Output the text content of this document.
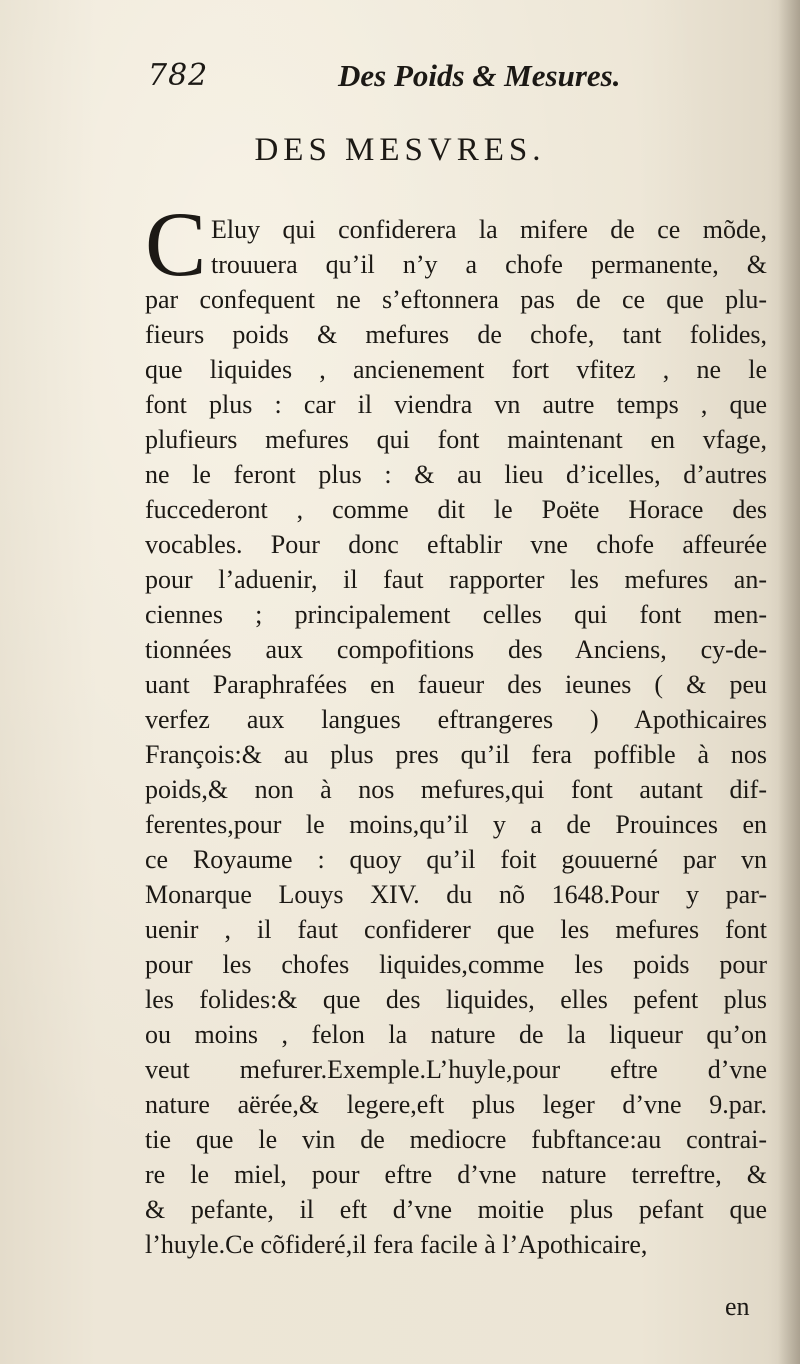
782	Des Poids & Mesures.
DES MESVRES.
C Eluy qui confiderera la mifere de ce mõde,
trouuera qu’il n’y a chofe permanente, &
par confequent ne s’eftonnera pas de ce que plu-
fieurs poids & mefures de chofe, tant folides,
que liquides , ancienement fort vfitez , ne le
font plus : car il viendra vn autre temps , que
plufieurs mefures qui font maintenant en vfage,
ne le feront plus : & au lieu d’icelles, d’autres
fuccederont , comme dit le Poëte Horace des
vocables. Pour donc eftablir vne chofe affeurée
pour l’aduenir, il faut rapporter les mefures an-
ciennes ; principalement celles qui font men-
tionnées aux compofitions des Anciens, cy-de-
uant Paraphrafées en faueur des ieunes ( & peu
verfez aux langues eftrangeres ) Apothicaires
François:& au plus pres qu’il fera poffible à nos
poids,& non à nos mefures,qui font autant dif-
ferentes,pour le moins,qu’il y a de Prouinces en
ce Royaume : quoy qu’il foit gouuerné par vn
Monarque Louys XIV. du nõ 1648.Pour y par-
uenir , il faut confiderer que les mefures font
pour les chofes liquides,comme les poids pour
les folides:& que des liquides, elles pefent plus
ou moins , felon la nature de la liqueur qu’on
veut mefurer.Exemple.L’huyle,pour eftre d’vne
nature aërée,& legere,eft plus leger d’vne 9.par.
tie que le vin de mediocre fubftance:au contrai-
re le miel, pour eftre d’vne nature terreftre, &
& pefante, il eft d’vne moitie plus pefant que
l’huyle.Ce cõfideré,il fera facile à l’Apothicaire,
en
